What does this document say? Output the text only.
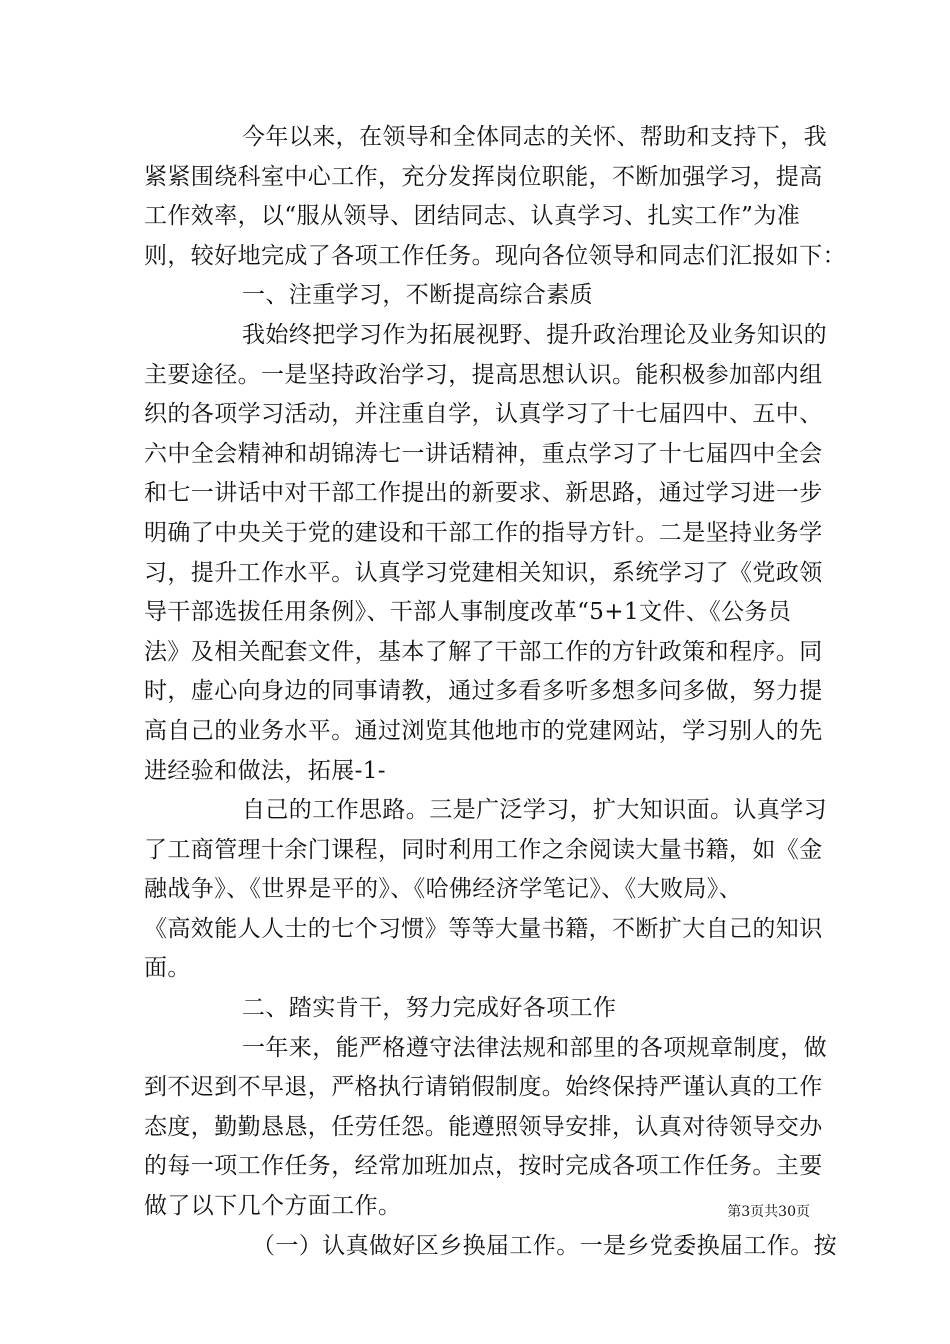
今年以来，在领导和全体同志的关怀、帮助和支持下，我
紧紧围绕科室中心工作，充分发挥岗位职能，不断加强学习，提高
工作效率，以“服从领导、团结同志、认真学习、扎实工作”为准
则，较好地完成了各项工作任务。现向各位领导和同志们汇报如下：
一、注重学习，不断提高综合素质
我始终把学习作为拓展视野、提升政治理论及业务知识的
主要途径。一是坚持政治学习，提高思想认识。能积极参加部内组
织的各项学习活动，并注重自学，认真学习了十七届四中、五中、
六中全会精神和胡锦涛七一讲话精神，重点学习了十七届四中全会
和七一讲话中对干部工作提出的新要求、新思路，通过学习进一步
明确了中央关于党的建设和干部工作的指导方针。二是坚持业务学
习，提升工作水平。认真学习党建相关知识，系统学习了《党政领
导干部选拔任用条例》、干部人事制度改革“5+1文件、《公务员
法》及相关配套文件，基本了解了干部工作的方针政策和程序。同
时，虚心向身边的同事请教，通过多看多听多想多问多做，努力提
高自己的业务水平。通过浏览其他地市的党建网站，学习别人的先
进经验和做法，拓展-1-
自己的工作思路。三是广泛学习，扩大知识面。认真学习
了工商管理十余门课程，同时利用工作之余阅读大量书籍，如《金
融战争》、《世界是平的》、《哈佛经济学笔记》、《大败局》、
《高效能人人士的七个习惯》等等大量书籍，不断扩大自己的知识
面。
二、踏实肯干，努力完成好各项工作
一年来，能严格遵守法律法规和部里的各项规章制度，做
到不迟到不早退，严格执行请销假制度。始终保持严谨认真的工作
态度，勤勤恳恳，任劳任怨。能遵照领导安排，认真对待领导交办
的每一项工作任务，经常加班加点，按时完成各项工作任务。主要
做了以下几个方面工作。
（一）认真做好区乡换届工作。一是乡党委换届工作。按
第3页共30页
